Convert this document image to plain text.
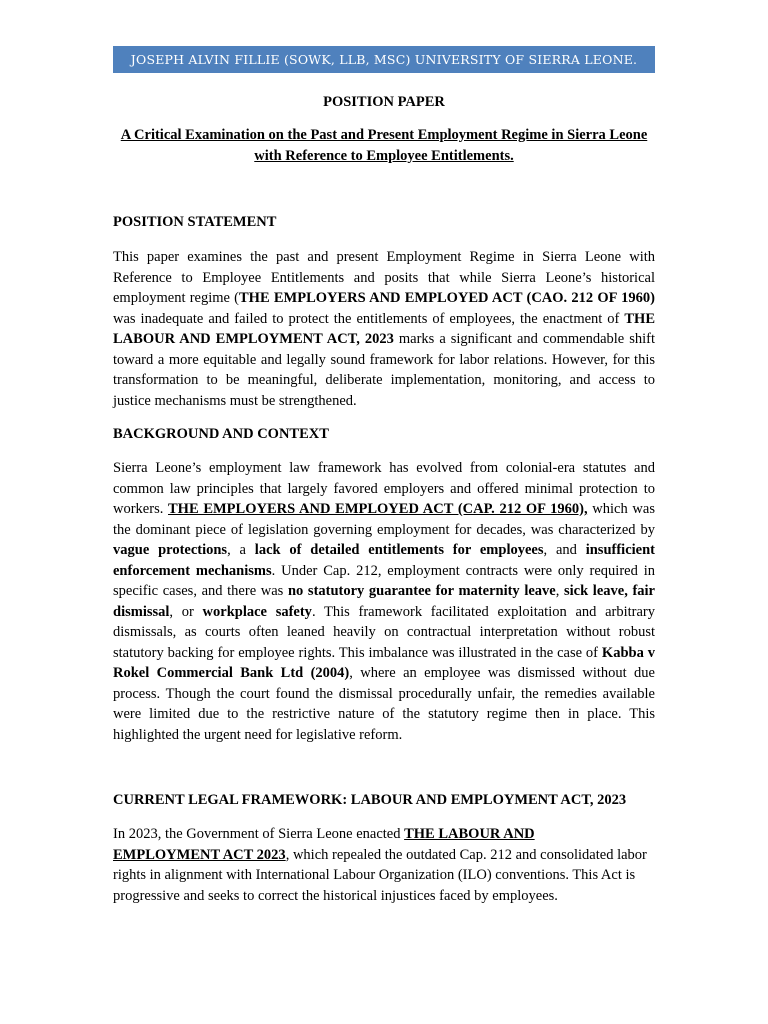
JOSEPH ALVIN FILLIE (SOWK, LLB, MSC) UNIVERSITY OF SIERRA LEONE.
POSITION PAPER
A Critical Examination on the Past and Present Employment Regime in Sierra Leone with Reference to Employee Entitlements.
POSITION STATEMENT
This paper examines the past and present Employment Regime in Sierra Leone with Reference to Employee Entitlements and posits that while Sierra Leone’s historical employment regime (THE EMPLOYERS AND EMPLOYED ACT (CAO. 212 OF 1960) was inadequate and failed to protect the entitlements of employees, the enactment of THE LABOUR AND EMPLOYMENT ACT, 2023 marks a significant and commendable shift toward a more equitable and legally sound framework for labor relations. However, for this transformation to be meaningful, deliberate implementation, monitoring, and access to justice mechanisms must be strengthened.
BACKGROUND AND CONTEXT
Sierra Leone’s employment law framework has evolved from colonial-era statutes and common law principles that largely favored employers and offered minimal protection to workers. THE EMPLOYERS AND EMPLOYED ACT (CAP. 212 OF 1960), which was the dominant piece of legislation governing employment for decades, was characterized by vague protections, a lack of detailed entitlements for employees, and insufficient enforcement mechanisms. Under Cap. 212, employment contracts were only required in specific cases, and there was no statutory guarantee for maternity leave, sick leave, fair dismissal, or workplace safety. This framework facilitated exploitation and arbitrary dismissals, as courts often leaned heavily on contractual interpretation without robust statutory backing for employee rights. This imbalance was illustrated in the case of Kabba v Rokel Commercial Bank Ltd (2004), where an employee was dismissed without due process. Though the court found the dismissal procedurally unfair, the remedies available were limited due to the restrictive nature of the statutory regime then in place. This highlighted the urgent need for legislative reform.
CURRENT LEGAL FRAMEWORK: LABOUR AND EMPLOYMENT ACT, 2023
In 2023, the Government of Sierra Leone enacted THE LABOUR AND
EMPLOYMENT ACT 2023, which repealed the outdated Cap. 212 and consolidated labor rights in alignment with International Labour Organization (ILO) conventions. This Act is progressive and seeks to correct the historical injustices faced by employees.
